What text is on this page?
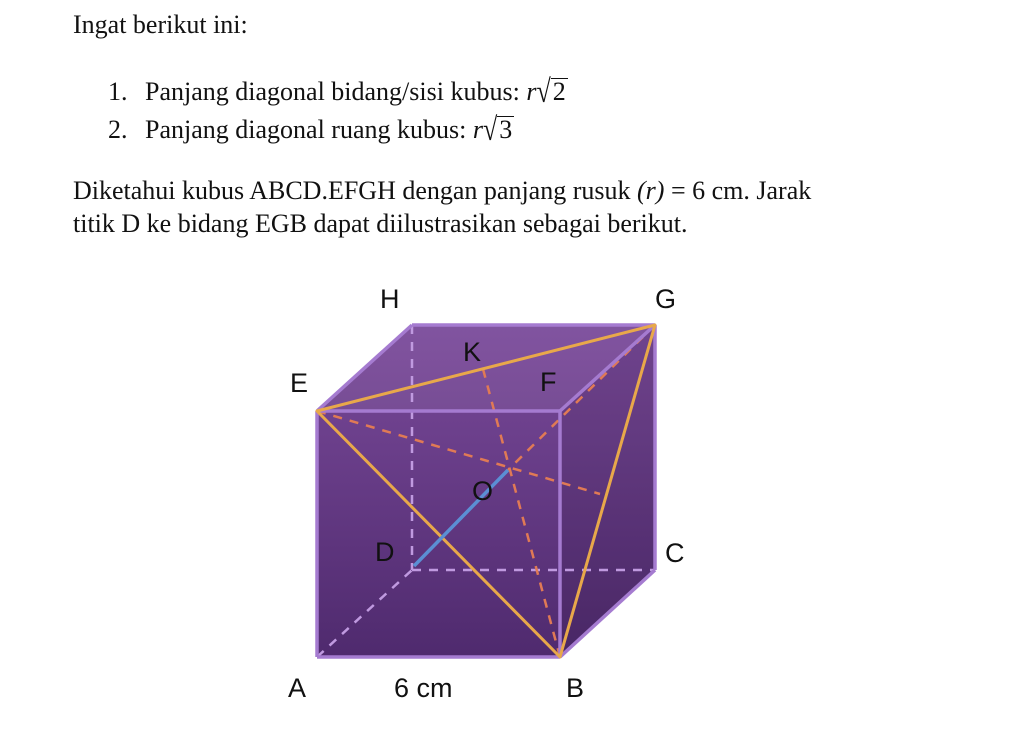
Ingat berikut ini:

1. Panjang diagonal bidang/sisi kubus: r√2
2. Panjang diagonal ruang kubus: r√3

Diketahui kubus ABCD.EFGH dengan panjang rusuk (r) = 6 cm. Jarak
titik D ke bidang EGB dapat diilustrasikan sebagai berikut.

H	G
K
E	F
O
D	C
A	6 cm	B
